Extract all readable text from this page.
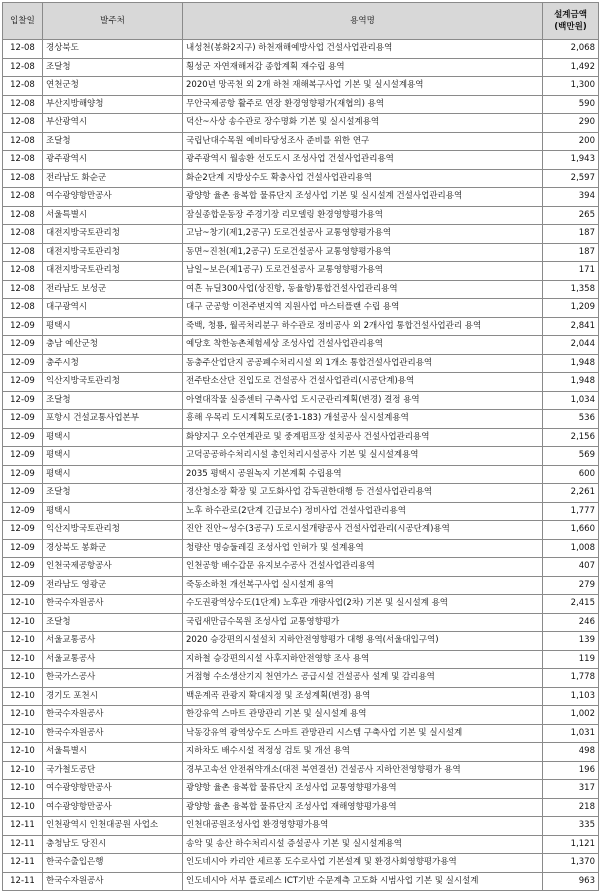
입찰일	발주처	용역명	설계금액
(백만원)
12-08	경상북도	내성천(봉화2지구) 하천재해예방사업 건설사업관리용역	2,068
12-08	조달청	횡성군 자연재해저감 종합계획 재수립 용역	1,492
12-08	연천군청	2020년 망곡천 외 2개 하천 재해복구사업 기본 및 실시설계용역	1,300
12-08	부산지방해양청	무안국제공항 활주로 연장 환경영향평가(재협의) 용역	590
12-08	부산광역시	덕산~사상 송수관로 장수명화 기본 및 실시설계용역	290
12-08	조달청	국립난대수목원 예비타당성조사 준비를 위한 연구	200
12-08	광주광역시	광주광역시 월송환 선도도시 조성사업 건설사업관리용역	1,943
12-08	전라남도 화순군	화순2단계 지방상수도 확충사업 건설사업관리용역	2,597
12-08	여수광양항만공사	광양항 율촌 융복합 물류단지 조성사업 기본 및 실시설계 건설사업관리용역	394
12-08	서울특별시	잠실종합운동장 주경기장 리모델링 환경영향평가용역	265
12-08	대전지방국토관리청	고남~창기(제1,2공구) 도로건설공사 교통영향평가용역	187
12-08	대전지방국토관리청	동면~진천(제1,2공구) 도로건설공사 교통영향평가용역	187
12-08	대전지방국토관리청	남일~보은(제1공구) 도로건설공사 교통영향평가용역	171
12-08	전라남도 보성군	여흔 뉴딜300사업(상진항, 동율항)통합건설사업관리용역	1,358
12-08	대구광역시	대구 군공항 이전주변지역 지원사업 마스터플랜 수립 용역	1,209
12-09	평택시	죽백, 청룡, 월곡처리분구 하수관로 정비공사 외 2개사업 통합건설사업관리 용역	2,841
12-09	충남 예산군청	예당호 착한농촌체험세상 조성사업 건설사업관리용역	2,044
12-09	충주시청	동충주산업단지 공공폐수처리시설 외 1개소 통합건설사업관리용역	1,948
12-09	익산지방국토관리청	전주탄소산단 진입도로 건설공사 건설사업관리(시공단계)용역	1,948
12-09	조달청	아열대작물 실증센터 구축사업 도시군관리계획(변경) 결정 용역	1,034
12-09	포항시 건설교통사업본부	흥해 우목리 도시계획도로(중1-183) 개설공사 실시설계용역	536
12-09	평택시	화양지구 오수연계관로 및 중계펌프장 설치공사 건설사업관리용역	2,156
12-09	평택시	고덕공공하수처리시설 총인처리시설공사 기본 및 실시설계용역	569
12-09	평택시	2035 평택시 공원녹지 기본계획 수립용역	600
12-09	조달청	경산청소장 확장 및 고도화사업 감독권한대행 등 건설사업관리용역	2,261
12-09	평택시	노후 하수관로(2단계 긴급보수) 정비사업 건설사업관리용역	1,777
12-09	익산지방국토관리청	진안 진안~성수(3공구) 도로시설개량공사 건설사업관리(시공단계)용역	1,660
12-09	경상북도 봉화군	청량산 명승둘레길 조성사업 인허가 및 설계용역	1,008
12-09	인천국제공항공사	인천공항 배수갑문 유지보수공사 건설사업관리용역	407
12-09	전라남도 영광군	죽동소하천 개선복구사업 실시설계 용역	279
12-10	한국수자원공사	수도권광역상수도(1단계) 노후관 개량사업(2차) 기본 및 실시설계 용역	2,415
12-10	조달청	국립새만금수목원 조성사업 교통영향평가	246
12-10	서울교통공사	2020 승강편의시설설치 지하안전영향평가 대행 용역(서울대입구역)	139
12-10	서울교통공사	지하철 승강편의시설 사후지하안전영향 조사 용역	119
12-10	한국가스공사	거점형 수소생산기지 천연가스 공급시설 건설공사 설계 및 감리용역	1,778
12-10	경기도 포천시	백운계곡 관광지 확대지정 및 조성계획(변경) 용역	1,103
12-10	한국수자원공사	한강유역 스마트 관망관리 기본 및 실시설계 용역	1,002
12-10	한국수자원공사	낙동강유역 광역상수도 스마트 관망관리 시스템 구축사업 기본 및 실시설계	1,031
12-10	서울특별시	지하차도 배수시설 적정성 검토 및 개선 용역	498
12-10	국가철도공단	경부고속선 안전취약개소(대전 북연결선) 건설공사 지하안전영향평가 용역	196
12-10	여수광양항만공사	광양항 율촌 융복합 물류단지 조성사업 교통영향평가용역	317
12-10	여수광양항만공사	광양항 율촌 융복합 물류단지 조성사업 재해영향평가용역	218
12-11	인천광역시 인천대공원 사업소	인천대공원조성사업 환경영향평가용역	335
12-11	충청남도 당진시	송악 및 송산 하수처리시설 증설공사 기본 및 실시설계용역	1,121
12-11	한국수출입은행	인도네시아 카리안 세르퐁 도수로사업 기본설계 및 환경사회영향평가용역	1,370
12-11	한국수자원공사	인도네시아 서부 플로레스 ICT기반 수문계측 고도화 시범사업 기본 및 실시설계	963
